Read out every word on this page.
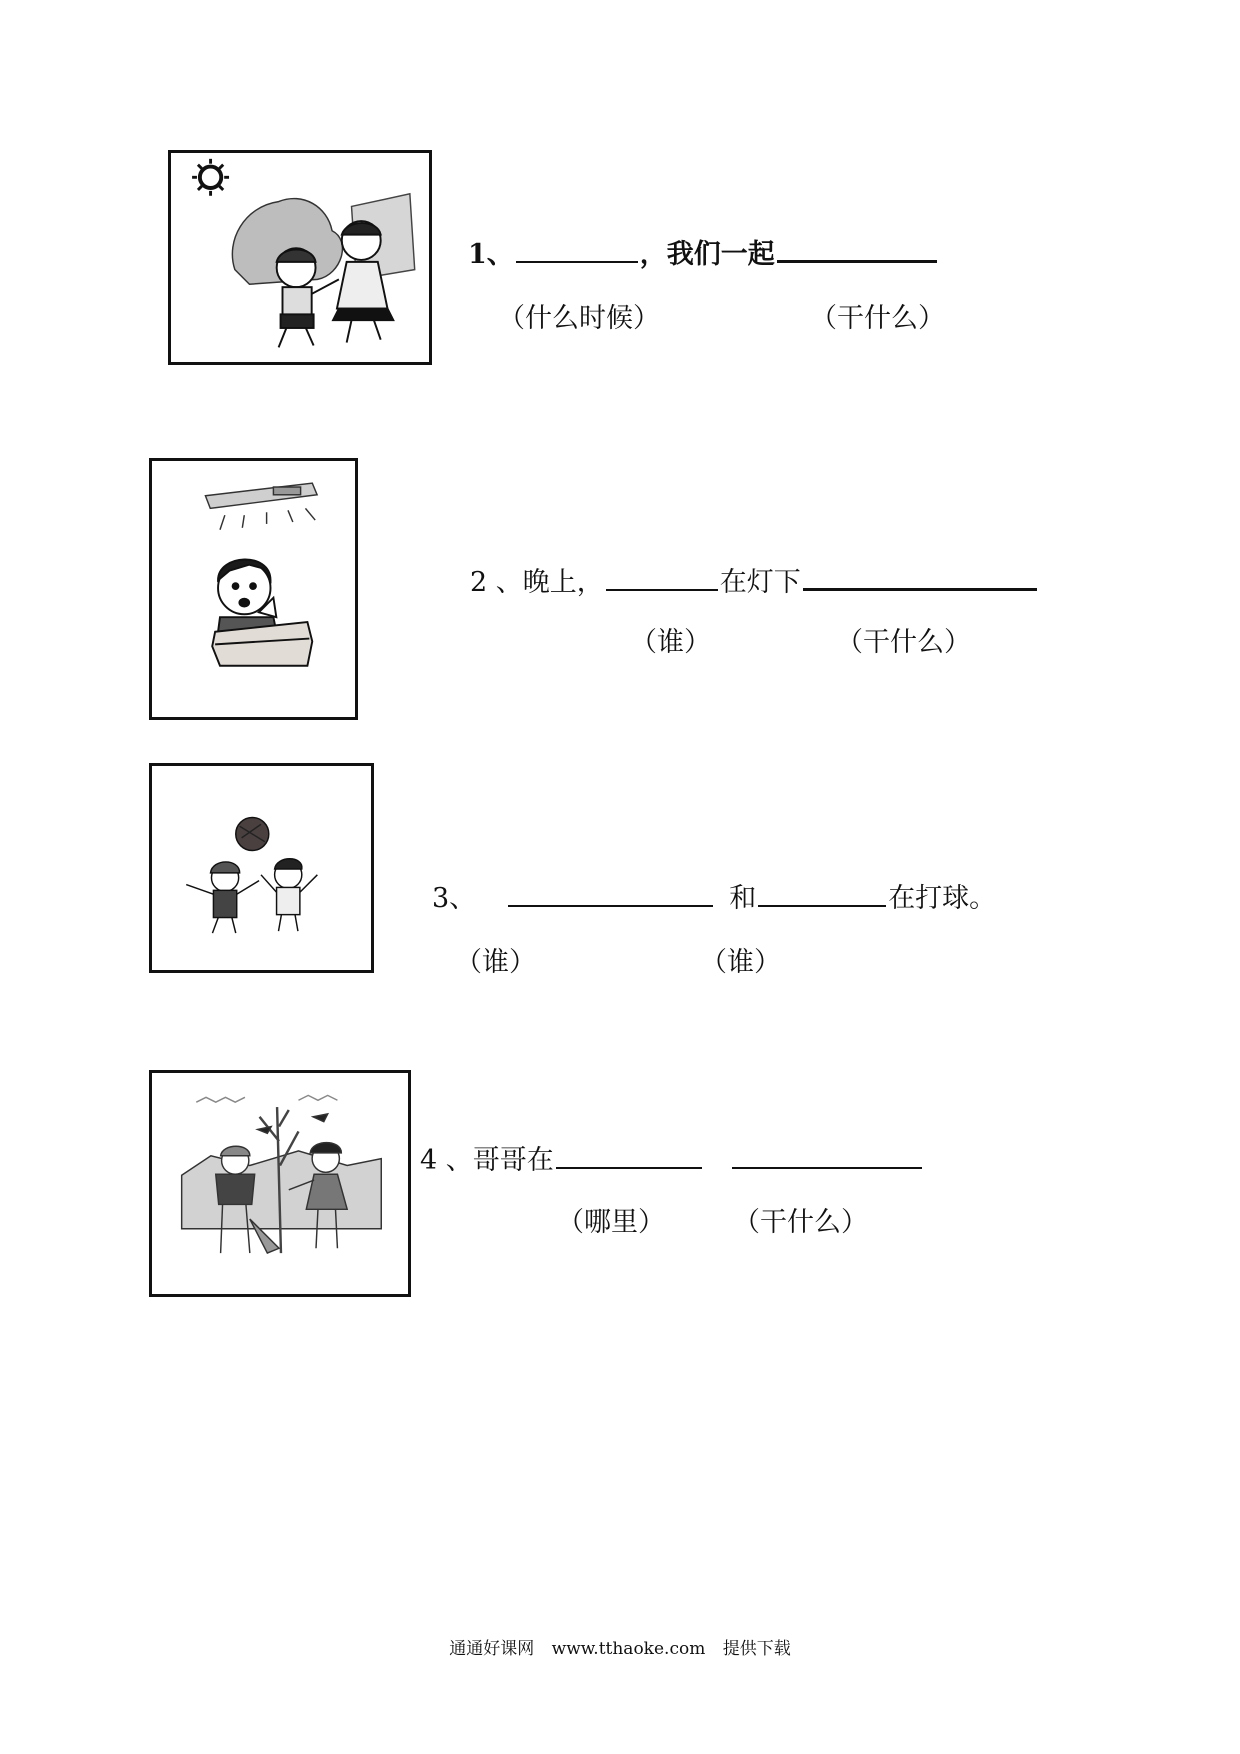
1、	，我们一起
（什么时候）	（干什么）
2 、晚上，	在灯下
（谁）	（干什么）
3、	和	在打球。
（谁）	（谁）
4 、哥哥在
（哪里）	（干什么）
通通好课网 www.tthaoke.com 提供下载
